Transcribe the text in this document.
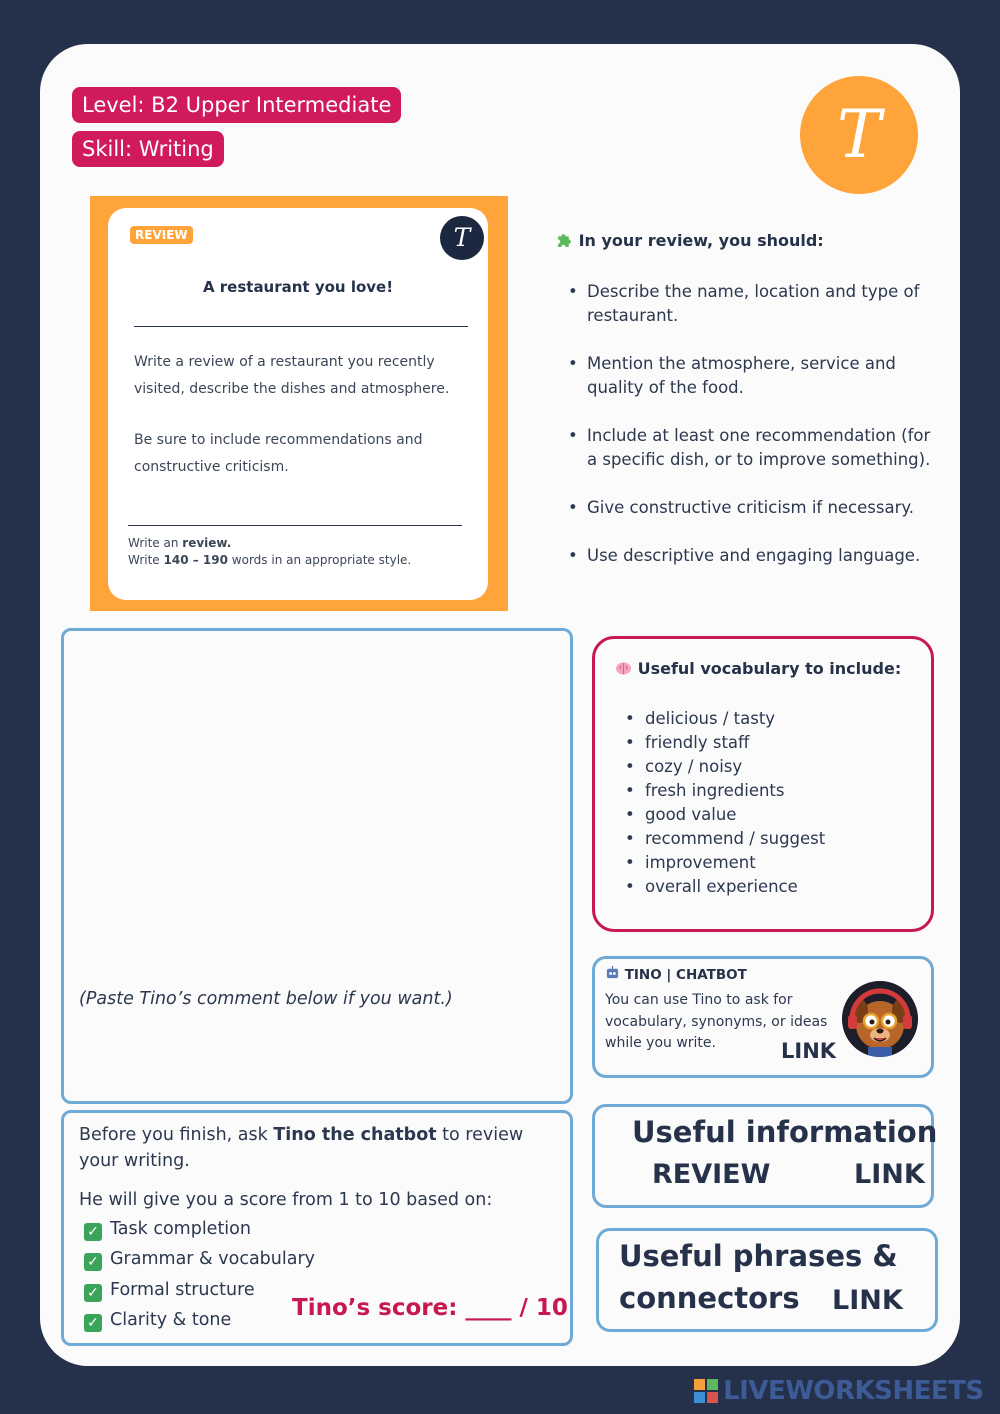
Level: B2 Upper Intermediate
Skill: Writing	T
REVIEW	T
A restaurant you love!
Write a review of a restaurant you recently visited, describe the dishes and atmosphere.
Be sure to include recommendations and constructive criticism.
Write an review.
Write 140 – 190 words in an appropriate style.
In your review, you should:
• Describe the name, location and type of restaurant.
• Mention the atmosphere, service and quality of the food.
• Include at least one recommendation (for a specific dish, or to improve something).
• Give constructive criticism if necessary.
• Use descriptive and engaging language.
(Paste Tino’s comment below if you want.)
Useful vocabulary to include:
• delicious / tasty
• friendly staff
• cozy / noisy
• fresh ingredients
• good value
• recommend / suggest
• improvement
• overall experience
TINO | CHATBOT
You can use Tino to ask for vocabulary, synonyms, or ideas while you write.	LINK
Useful information
REVIEW	LINK
Useful phrases &
connectors LINK
Before you finish, ask Tino the chatbot to review your writing.
He will give you a score from 1 to 10 based on:
✓ Task completion
✓ Grammar & vocabulary
✓ Formal structure
✓ Clarity & tone	Tino’s score: ____ / 10
LIVEWORKSHEETS
